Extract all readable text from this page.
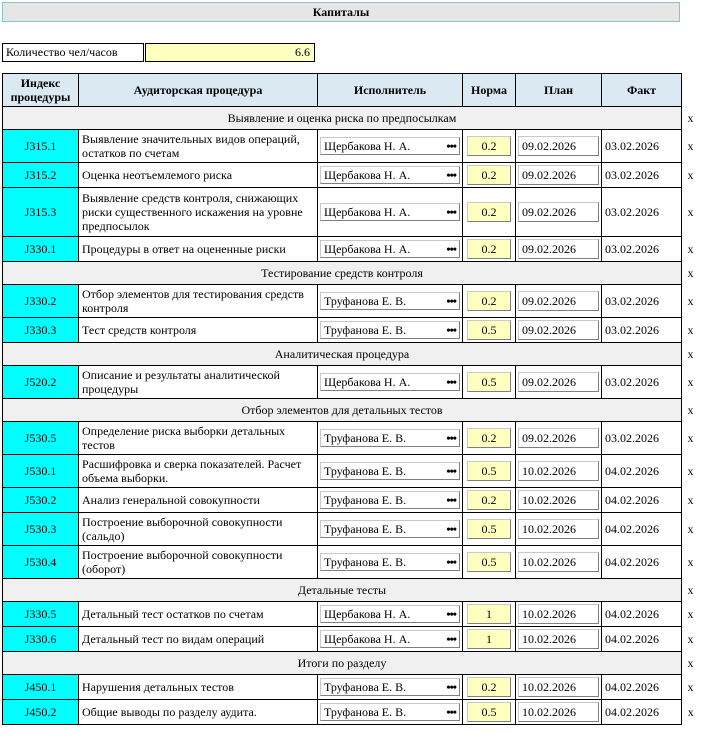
Капиталы
Количество чел/часов	6.6
Индекс процедуры	Аудиторская процедура	Исполнитель	Норма	План	Факт	
Выявление и оценка риска по предпосылкам						x
J315.1	Выявление значительных видов операций, остатков по счетам	Щербакова Н. А. •••	0.2	09.02.2026	03.02.2026	x
J315.2	Оценка неотъемлемого риска	Щербакова Н. А. •••	0.2	09.02.2026	03.02.2026	x
J315.3	Выявление средств контроля, снижающих риски существенного искажения на уровне предпосылок	Щербакова Н. А. •••	0.2	09.02.2026	03.02.2026	x
J330.1	Процедуры в ответ на оцененные риски	Щербакова Н. А. •••	0.2	09.02.2026	03.02.2026	x
Тестирование средств контроля						x
J330.2	Отбор элементов для тестирования средств контроля	Труфанова Е. В. •••	0.2	09.02.2026	03.02.2026	x
J330.3	Тест средств контроля	Труфанова Е. В. •••	0.5	09.02.2026	03.02.2026	x
Аналитическая процедура						x
J520.2	Описание и результаты аналитической процедуры	Щербакова Н. А. •••	0.5	09.02.2026	03.02.2026	x
Отбор элементов для детальных тестов						x
J530.5	Определение риска выборки детальных тестов	Труфанова Е. В. •••	0.2	09.02.2026	03.02.2026	x
J530.1	Расшифровка и сверка показателей. Расчет объема выборки.	Труфанова Е. В. •••	0.5	10.02.2026	04.02.2026	x
J530.2	Анализ генеральной совокупности	Труфанова Е. В. •••	0.2	10.02.2026	04.02.2026	x
J530.3	Построение выборочной совокупности (сальдо)	Труфанова Е. В. •••	0.5	10.02.2026	04.02.2026	x
J530.4	Построение выборочной совокупности (оборот)	Труфанова Е. В. •••	0.5	10.02.2026	04.02.2026	x
Детальные тесты						x
J330.5	Детальный тест остатков по счетам	Щербакова Н. А. •••	1	10.02.2026	04.02.2026	x
J330.6	Детальный тест по видам операций	Щербакова Н. А. •••	1	10.02.2026	04.02.2026	x
Итоги по разделу						x
J450.1	Нарушения детальных тестов	Труфанова Е. В. •••	0.2	10.02.2026	04.02.2026	x
J450.2	Общие выводы по разделу аудита.	Труфанова Е. В. •••	0.5	10.02.2026	04.02.2026	x
